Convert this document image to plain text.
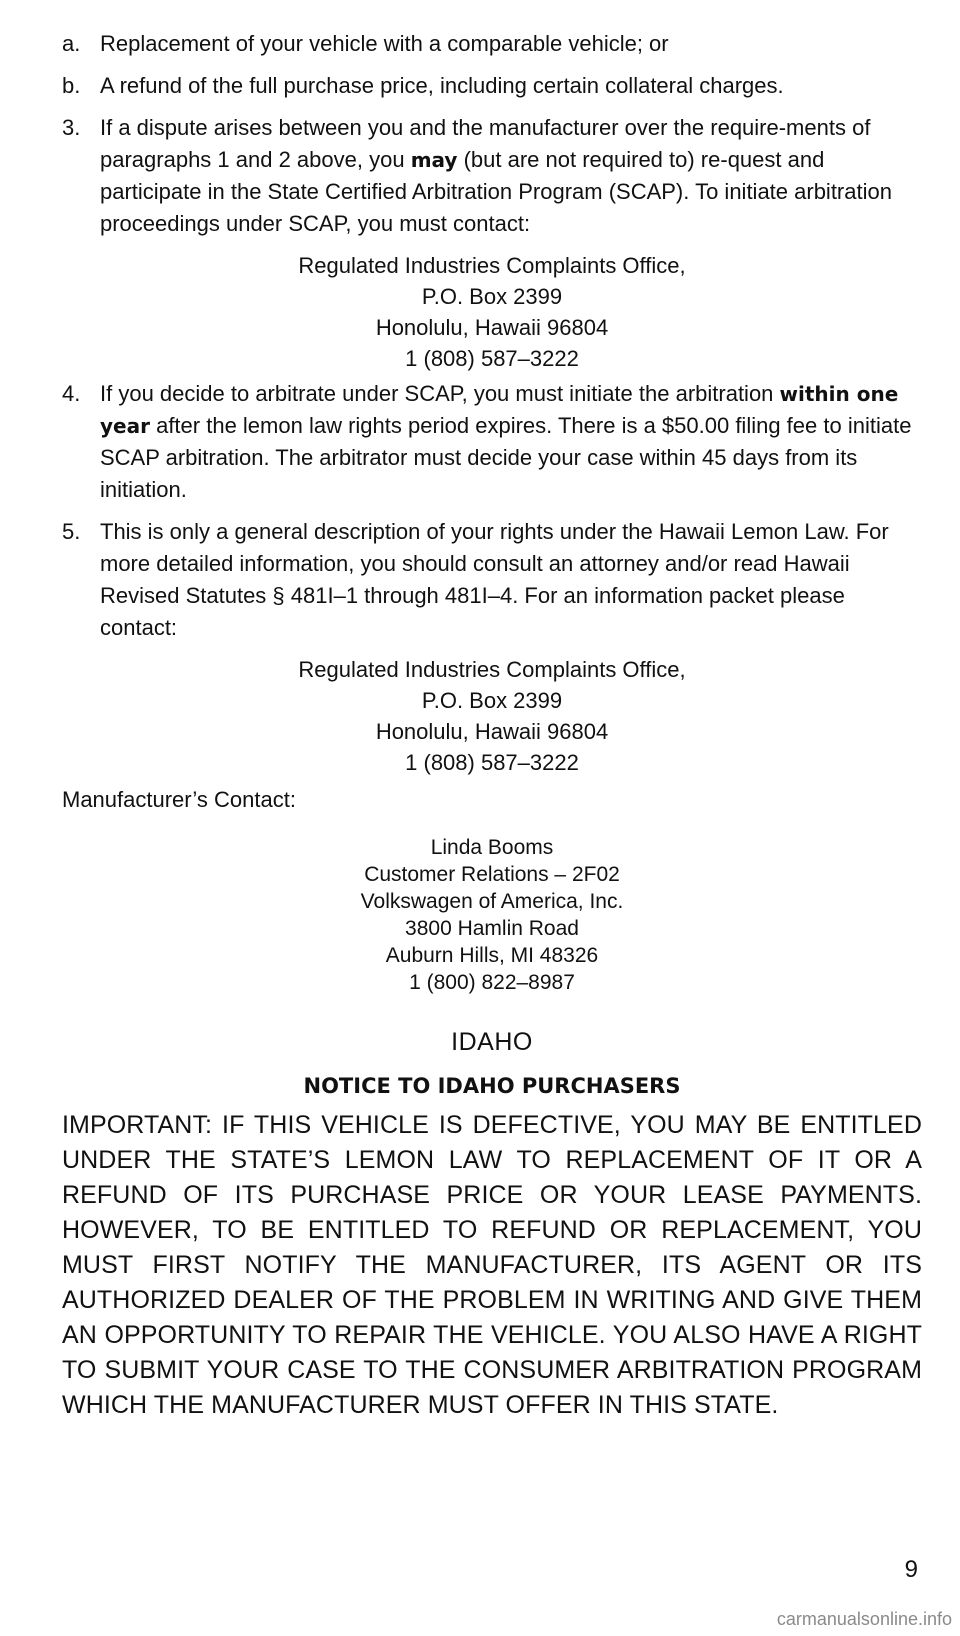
a. Replacement of your vehicle with a comparable vehicle; or
b. A refund of the full purchase price, including certain collateral charges.
3. If a dispute arises between you and the manufacturer over the require-ments of paragraphs 1 and 2 above, you may (but are not required to) re-quest and participate in the State Certified Arbitration Program (SCAP). To initiate arbitration proceedings under SCAP, you must contact:
Regulated Industries Complaints Office,
P.O. Box 2399
Honolulu, Hawaii 96804
1 (808) 587–3222
4. If you decide to arbitrate under SCAP, you must initiate the arbitration within one year after the lemon law rights period expires. There is a $50.00 filing fee to initiate SCAP arbitration. The arbitrator must decide your case within 45 days from its initiation.
5. This is only a general description of your rights under the Hawaii Lemon Law. For more detailed information, you should consult an attorney and/or read Hawaii Revised Statutes § 481I–1 through 481I–4. For an information packet please contact:
Regulated Industries Complaints Office,
P.O. Box 2399
Honolulu, Hawaii 96804
1 (808) 587–3222
Manufacturer’s Contact:
Linda Booms
Customer Relations – 2F02
Volkswagen of America, Inc.
3800 Hamlin Road
Auburn Hills, MI 48326
1 (800) 822–8987
IDAHO
NOTICE TO IDAHO PURCHASERS
IMPORTANT: IF THIS VEHICLE IS DEFECTIVE, YOU MAY BE ENTITLED UNDER THE STATE’S LEMON LAW TO REPLACEMENT OF IT OR A REFUND OF ITS PURCHASE PRICE OR YOUR LEASE PAYMENTS. HOWEVER, TO BE ENTITLED TO REFUND OR REPLACEMENT, YOU MUST FIRST NOTIFY THE MANUFACTURER, ITS AGENT OR ITS AUTHORIZED DEALER OF THE PROBLEM IN WRITING AND GIVE THEM AN OPPORTUNITY TO REPAIR THE VEHICLE. YOU ALSO HAVE A RIGHT TO SUBMIT YOUR CASE TO THE CONSUMER ARBITRATION PROGRAM WHICH THE MANUFACTURER MUST OFFER IN THIS STATE.
9
carmanualsonline.info
